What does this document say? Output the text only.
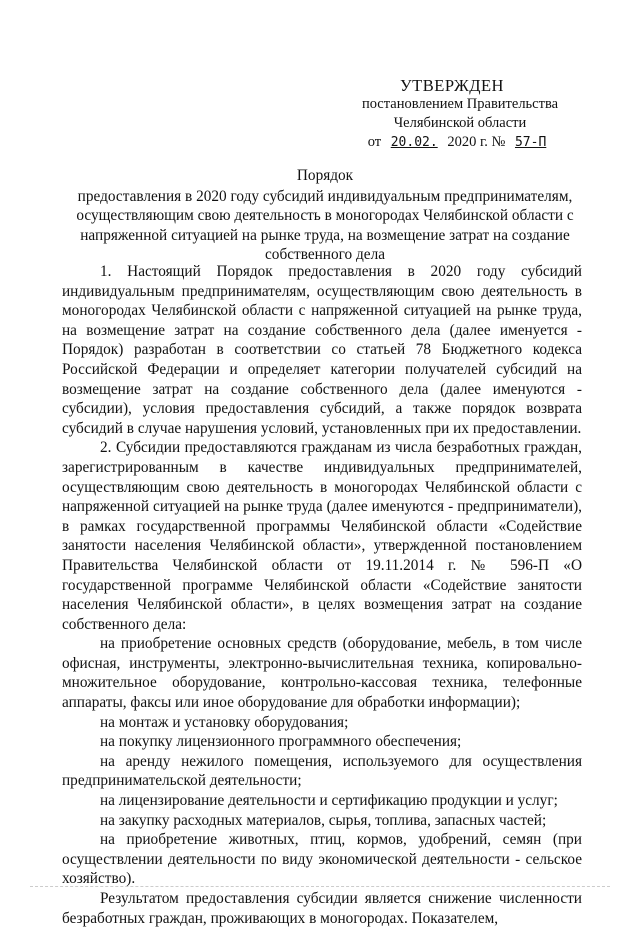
УТВЕРЖДЕН
постановлением Правительства
Челябинской области
от 20.02. 2020 г. № 57-П
Порядок
предоставления в 2020 году субсидий индивидуальным предпринимателям, осуществляющим свою деятельность в моногородах Челябинской области с напряженной ситуацией на рынке труда, на возмещение затрат на создание собственного дела

1. Настоящий Порядок предоставления в 2020 году субсидий индивидуальным предпринимателям, осуществляющим свою деятельность в моногородах Челябинской области с напряженной ситуацией на рынке труда, на возмещение затрат на создание собственного дела (далее именуется - Порядок) разработан в соответствии со статьей 78 Бюджетного кодекса Российской Федерации и определяет категории получателей субсидий на возмещение затрат на создание собственного дела (далее именуются - субсидии), условия предоставления субсидий, а также порядок возврата субсидий в случае нарушения условий, установленных при их предоставлении.

2. Субсидии предоставляются гражданам из числа безработных граждан, зарегистрированным в качестве индивидуальных предпринимателей, осуществляющим свою деятельность в моногородах Челябинской области с напряженной ситуацией на рынке труда (далее именуются - предприниматели), в рамках государственной программы Челябинской области «Содействие занятости населения Челябинской области», утвержденной постановлением Правительства Челябинской области от 19.11.2014 г. № 596-П «О государственной программе Челябинской области «Содействие занятости населения Челябинской области», в целях возмещения затрат на создание собственного дела:

на приобретение основных средств (оборудование, мебель, в том числе офисная, инструменты, электронно-вычислительная техника, копировально-множительное оборудование, контрольно-кассовая техника, телефонные аппараты, факсы или иное оборудование для обработки информации);

на монтаж и установку оборудования;

на покупку лицензионного программного обеспечения;

на аренду нежилого помещения, используемого для осуществления предпринимательской деятельности;

на лицензирование деятельности и сертификацию продукции и услуг;

на закупку расходных материалов, сырья, топлива, запасных частей;

на приобретение животных, птиц, кормов, удобрений, семян (при осуществлении деятельности по виду экономической деятельности - сельское хозяйство).

Результатом предоставления субсидии является снижение численности безработных граждан, проживающих в моногородах. Показателем,
